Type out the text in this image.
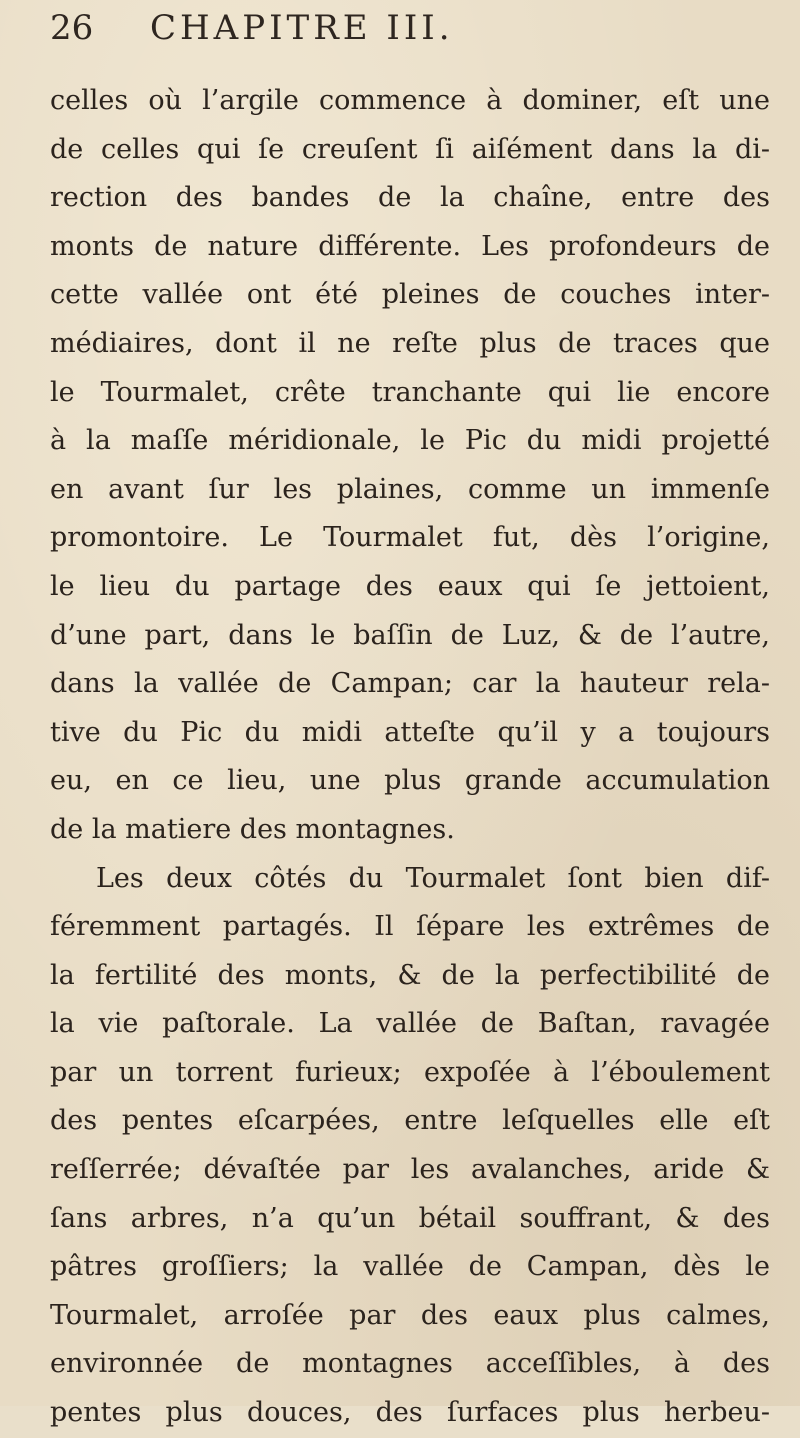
26 CHAPITRE III.
celles où l’argile commence à dominer, eſt une
de celles qui ſe creuſent ſi aiſément dans la di-
rection des bandes de la chaîne, entre des
monts de nature différente. Les profondeurs de
cette vallée ont été pleines de couches inter-
médiaires, dont il ne reſte plus de traces que
le Tourmalet, crête tranchante qui lie encore
à la maſſe méridionale, le Pic du midi projetté
en avant ſur les plaines, comme un immenſe
promontoire. Le Tourmalet fut, dès l’origine,
le lieu du partage des eaux qui ſe jettoient,
d’une part, dans le baſſin de Luz, & de l’autre,
dans la vallée de Campan; car la hauteur rela-
tive du Pic du midi atteſte qu’il y a toujours
eu, en ce lieu, une plus grande accumulation
de la matiere des montagnes.
Les deux côtés du Tourmalet ſont bien dif-
féremment partagés. Il ſépare les extrêmes de
la fertilité des monts, & de la perfectibilité de
la vie paſtorale. La vallée de Baſtan, ravagée
par un torrent furieux; expoſée à l’éboulement
des pentes eſcarpées, entre leſquelles elle eſt
reſſerrée; dévaſtée par les avalanches, aride &
ſans arbres, n’a qu’un bétail souffrant, & des
pâtres groſſiers; la vallée de Campan, dès le
Tourmalet, arroſée par des eaux plus calmes,
environnée de montagnes acceſſibles, à des
pentes plus douces, des ſurfaces plus herbeu-
